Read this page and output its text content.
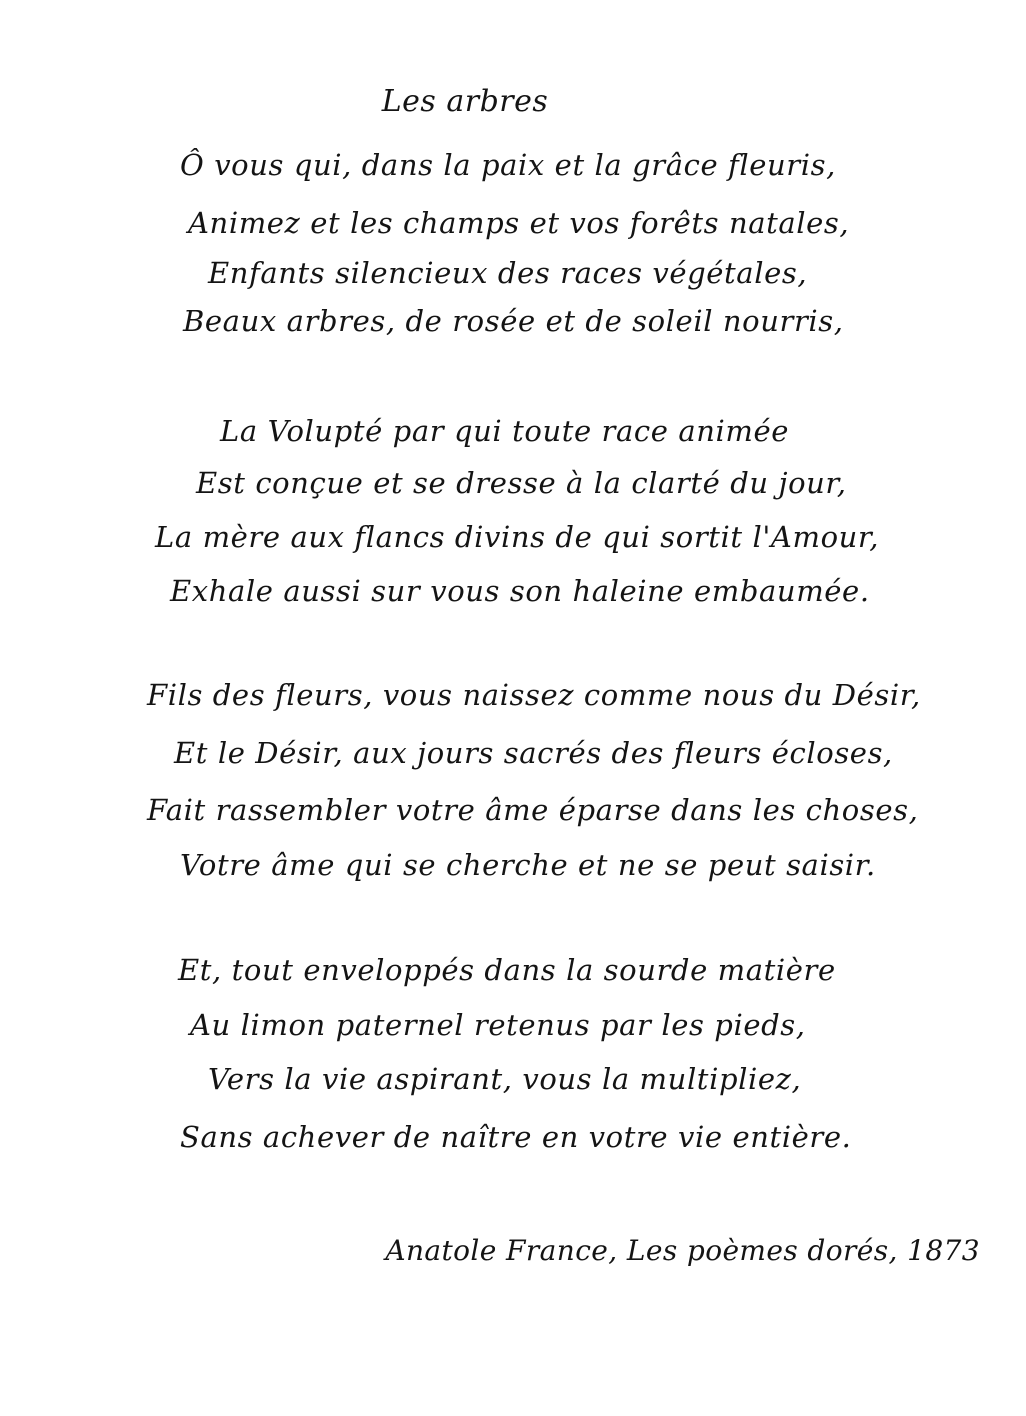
Les arbres
Ô vous qui, dans la paix et la grâce fleuris,
Animez et les champs et vos forêts natales,
Enfants silencieux des races végétales,
Beaux arbres, de rosée et de soleil nourris,
La Volupté par qui toute race animée
Est conçue et se dresse à la clarté du jour,
La mère aux flancs divins de qui sortit l'Amour,
Exhale aussi sur vous son haleine embaumée.
Fils des fleurs, vous naissez comme nous du Désir,
Et le Désir, aux jours sacrés des fleurs écloses,
Fait rassembler votre âme éparse dans les choses,
Votre âme qui se cherche et ne se peut saisir.
Et, tout enveloppés dans la sourde matière
Au limon paternel retenus par les pieds,
Vers la vie aspirant, vous la multipliez,
Sans achever de naître en votre vie entière.
Anatole France, Les poèmes dorés, 1873
